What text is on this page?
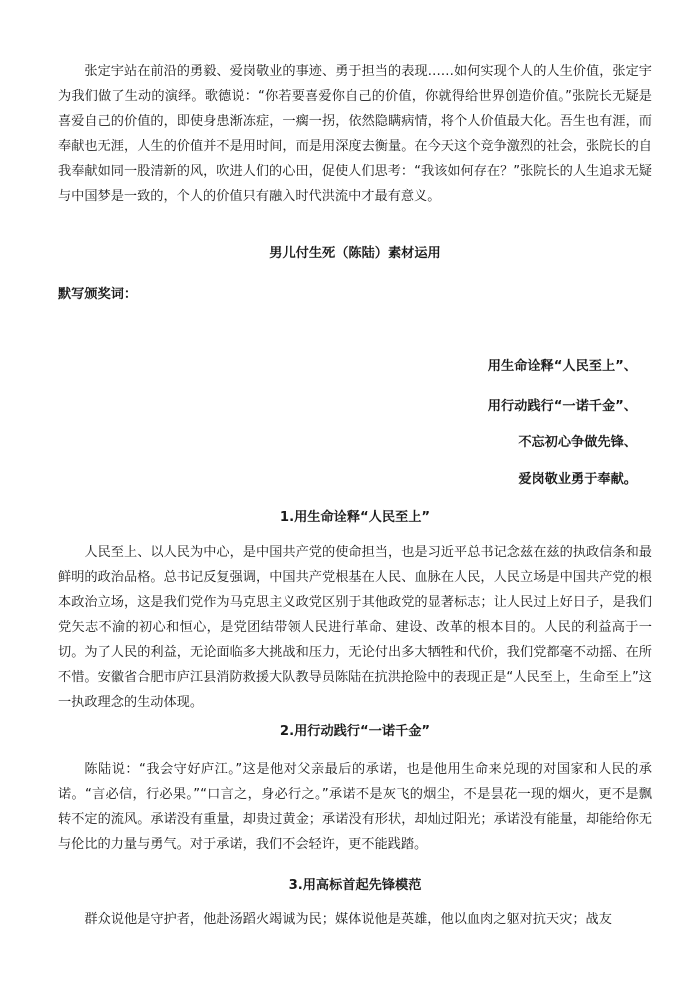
张定宇站在前沿的勇毅、爱岗敬业的事迹、勇于担当的表现……如何实现个人的人生价值，张定宇为我们做了生动的演绎。歌德说：“你若要喜爱你自己的价值，你就得给世界创造价值。”张院长无疑是喜爱自己的价值的，即使身患渐冻症，一瘸一拐，依然隐瞒病情，将个人价值最大化。吾生也有涯，而奉献也无涯，人生的价值并不是用时间，而是用深度去衡量。在今天这个竞争激烈的社会，张院长的自我奉献如同一股清新的风，吹进人们的心田，促使人们思考：“我该如何存在？”张院长的人生追求无疑与中国梦是一致的，个人的价值只有融入时代洪流中才最有意义。

男儿付生死（陈陆）素材运用

默写颁奖词：

用生命诠释“人民至上”、

用行动践行“一诺千金”、

不忘初心争做先锋、

爱岗敬业勇于奉献。

1.用生命诠释“人民至上”

人民至上、以人民为中心，是中国共产党的使命担当，也是习近平总书记念兹在兹的执政信条和最鲜明的政治品格。总书记反复强调，中国共产党根基在人民、血脉在人民，人民立场是中国共产党的根本政治立场，这是我们党作为马克思主义政党区别于其他政党的显著标志；让人民过上好日子，是我们党矢志不渝的初心和恒心，是党团结带领人民进行革命、建设、改革的根本目的。人民的利益高于一切。为了人民的利益，无论面临多大挑战和压力，无论付出多大牺牲和代价，我们党都毫不动摇、在所不惜。安徽省合肥市庐江县消防救援大队教导员陈陆在抗洪抢险中的表现正是“人民至上，生命至上”这一执政理念的生动体现。

2.用行动践行“一诺千金”

陈陆说：“我会守好庐江。”这是他对父亲最后的承诺，也是他用生命来兑现的对国家和人民的承诺。“言必信，行必果。”“口言之，身必行之。”承诺不是灰飞的烟尘，不是昙花一现的烟火，更不是飘转不定的流风。承诺没有重量，却贵过黄金；承诺没有形状，却灿过阳光；承诺没有能量，却能给你无与伦比的力量与勇气。对于承诺，我们不会轻许，更不能践踏。

3.用高标首起先锋模范

群众说他是守护者，他赴汤蹈火竭诚为民；媒体说他是英雄，他以血肉之躯对抗天灾；战友
